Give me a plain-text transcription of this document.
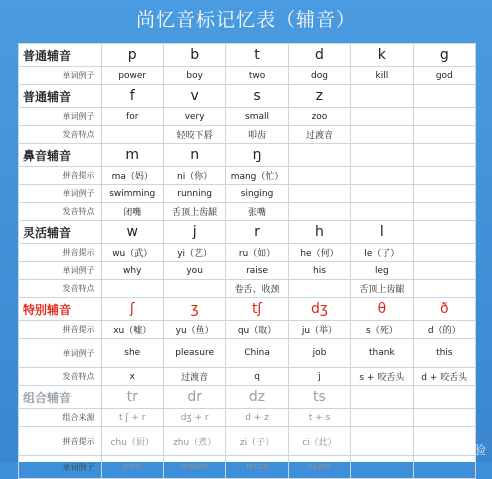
尚忆音标记忆表（辅音）
普通辅音	p	b	t	d	k	g
单词例子	power	boy	two	dog	kill	god
普通辅音	f	v	s	z		
单词例子	for	very	small	zoo		
发音特点		轻咬下唇	叩齿	过渡音		
鼻音辅音	m	n	ŋ			
拼音提示	ma（妈）	ni（你）	mang（忙）			
单词例子	swimming	running	singing			
发音特点	闭嘴	舌顶上齿龈	张嘴			
灵活辅音	w	j	r	h	l	
拼音提示	wu（武）	yi（艺）	ru（如）	he（何）	le（了）	
单词例子	why	you	raise	his	leg	
发音特点			卷舌、收颈		舌顶上齿龈	
特别辅音	ʃ	ʒ	tʃ	dʒ	θ	ð
拼音提示	xu（嘘）	yu（鱼）	qu（取）	ju（举）	s（死）	d（的）
单词例子	she	pleasure	China	job	thank	this
发音特点	x	过渡音	q	j	s + 咬舌头	d + 咬舌头
组合辅音	tr	dr	dz	ts		
组合来源	t ʃ + r	dʒ + r	d + z	t + s		
拼音提示	chu（厨）	zhu（煮）	zi（子）	ci（此）		
单词例子	tree	dream	birds	seats		
Bai经验
